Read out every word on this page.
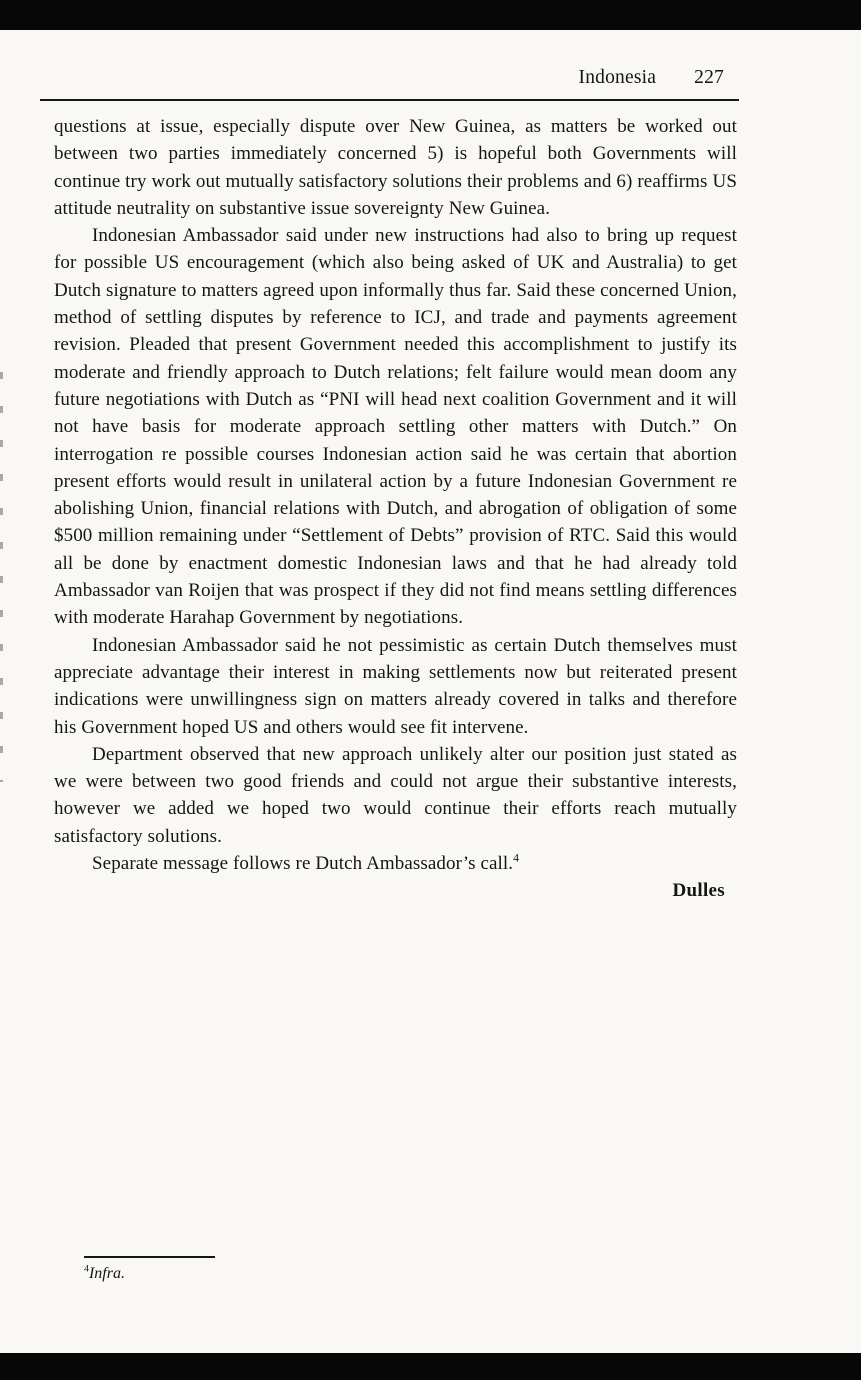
Indonesia 227

questions at issue, especially dispute over New Guinea, as matters be worked out between two parties immediately concerned 5) is hopeful both Governments will continue try work out mutually satisfactory solutions their problems and 6) reaffirms US attitude neutrality on substantive issue sovereignty New Guinea.

Indonesian Ambassador said under new instructions had also to bring up request for possible US encouragement (which also being asked of UK and Australia) to get Dutch signature to matters agreed upon informally thus far. Said these concerned Union, method of settling disputes by reference to ICJ, and trade and payments agreement revision. Pleaded that present Government needed this accomplishment to justify its moderate and friendly approach to Dutch relations; felt failure would mean doom any future negotiations with Dutch as “PNI will head next coalition Government and it will not have basis for moderate approach settling other matters with Dutch.” On interrogation re possible courses Indonesian action said he was certain that abortion present efforts would result in unilateral action by a future Indonesian Government re abolishing Union, financial relations with Dutch, and abrogation of obligation of some $500 million remaining under “Settlement of Debts” provision of RTC. Said this would all be done by enactment domestic Indonesian laws and that he had already told Ambassador van Roijen that was prospect if they did not find means settling differences with moderate Harahap Government by negotiations.

Indonesian Ambassador said he not pessimistic as certain Dutch themselves must appreciate advantage their interest in making settlements now but reiterated present indications were unwillingness sign on matters already covered in talks and therefore his Government hoped US and others would see fit intervene.

Department observed that new approach unlikely alter our position just stated as we were between two good friends and could not argue their substantive interests, however we added we hoped two would continue their efforts reach mutually satisfactory solutions.

Separate message follows re Dutch Ambassador’s call.$^4$

Dulles

$^4$Infra.
